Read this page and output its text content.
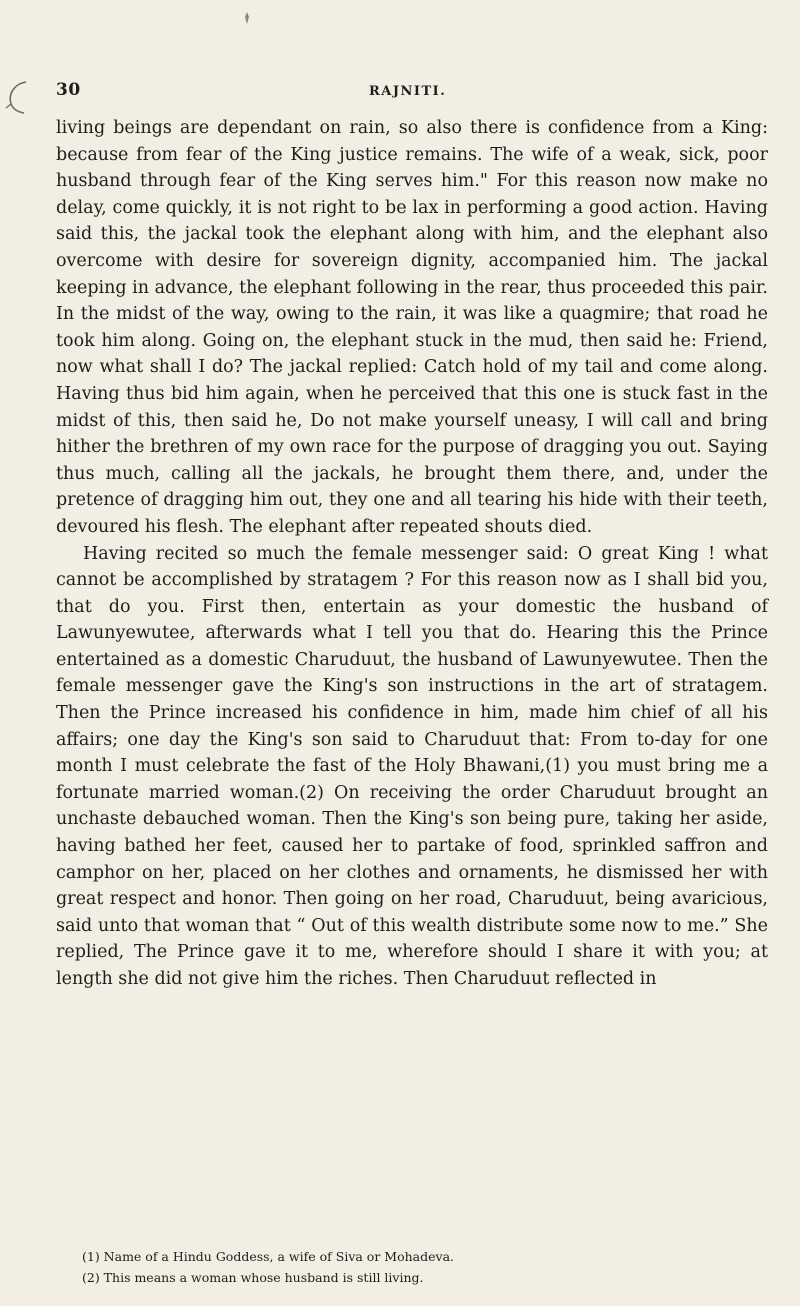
30	RAJNITI.

living beings are dependant on rain, so also there is confidence from a King: because from fear of the King justice remains. The wife of a weak, sick, poor husband through fear of the King serves him." For this reason now make no delay, come quickly, it is not right to be lax in performing a good action. Having said this, the jackal took the elephant along with him, and the elephant also overcome with desire for sovereign dignity, accompanied him. The jackal keeping in advance, the elephant following in the rear, thus proceeded this pair. In the midst of the way, owing to the rain, it was like a quagmire; that road he took him along. Going on, the elephant stuck in the mud, then said he: Friend, now what shall I do? The jackal replied: Catch hold of my tail and come along. Having thus bid him again, when he perceived that this one is stuck fast in the midst of this, then said he, Do not make yourself uneasy, I will call and bring hither the brethren of my own race for the purpose of dragging you out. Saying thus much, calling all the jackals, he brought them there, and, under the pretence of dragging him out, they one and all tearing his hide with their teeth, devoured his flesh. The elephant after repeated shouts died.

Having recited so much the female messenger said: O great King ! what cannot be accomplished by stratagem ? For this reason now as I shall bid you, that do you. First then, entertain as your domestic the husband of Lawunyewutee, afterwards what I tell you that do. Hearing this the Prince entertained as a domestic Charuduut, the husband of Lawunyewutee. Then the female messenger gave the King's son instructions in the art of stratagem. Then the Prince increased his confidence in him, made him chief of all his affairs; one day the King's son said to Charuduut that: From to-day for one month I must celebrate the fast of the Holy Bhawani,(1) you must bring me a fortunate married woman.(2) On receiving the order Charuduut brought an unchaste debauched woman. Then the King's son being pure, taking her aside, having bathed her feet, caused her to partake of food, sprinkled saffron and camphor on her, placed on her clothes and ornaments, he dismissed her with great respect and honor. Then going on her road, Charuduut, being avaricious, said unto that woman that “ Out of this wealth distribute some now to me.” She replied, The Prince gave it to me, wherefore should I share it with you; at length she did not give him the riches. Then Charuduut reflected in

(1) Name of a Hindu Goddess, a wife of Siva or Mohadeva.
(2) This means a woman whose husband is still living.
